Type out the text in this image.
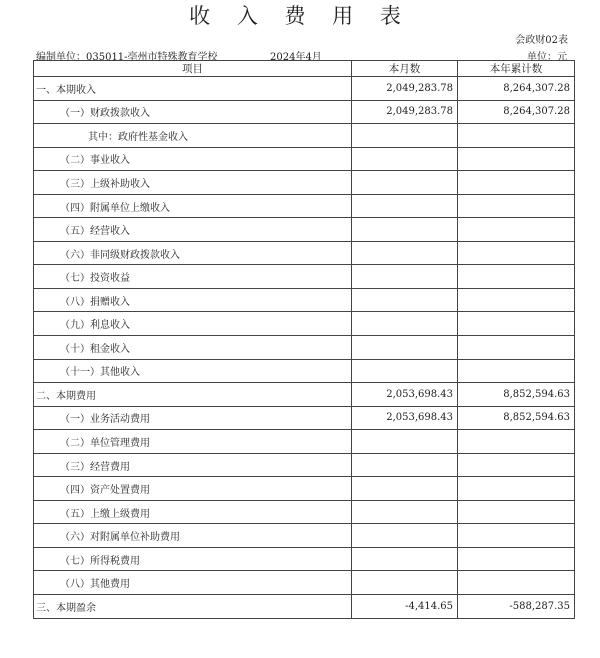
收 入 费 用 表
会政财02表
编制单位：035011-亳州市特殊教育学校	2024年4月	单位：元
项目	本月数	本年累计数
一、本期收入	2,049,283.78	8,264,307.28
（一）财政拨款收入	2,049,283.78	8,264,307.28
其中：政府性基金收入		
（二）事业收入		
（三）上级补助收入		
（四）附属单位上缴收入		
（五）经营收入		
（六）非同级财政拨款收入		
（七）投资收益		
（八）捐赠收入		
（九）利息收入		
（十）租金收入		
（十一）其他收入		
二、本期费用	2,053,698.43	8,852,594.63
（一）业务活动费用	2,053,698.43	8,852,594.63
（二）单位管理费用		
（三）经营费用		
（四）资产处置费用		
（五）上缴上级费用		
（六）对附属单位补助费用		
（七）所得税费用		
（八）其他费用		
三、本期盈余	-4,414.65	-588,287.35
